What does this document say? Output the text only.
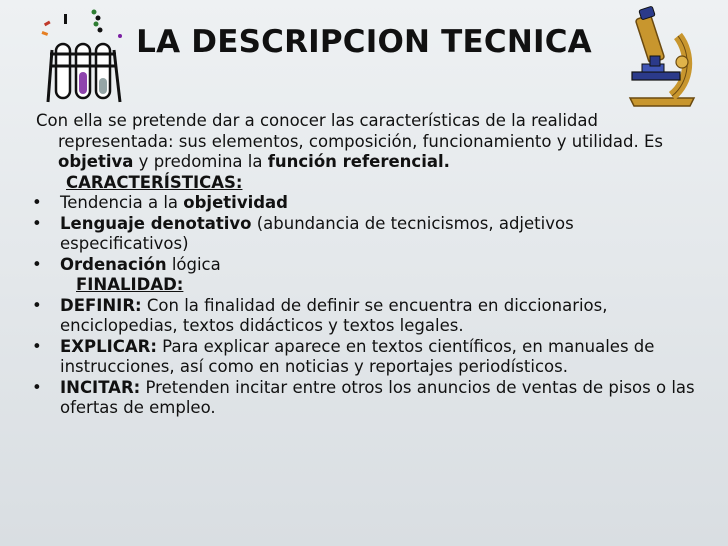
LA DESCRIPCION TECNICA

Con ella se pretende dar a conocer las características de la realidad representada: sus elementos, composición, funcionamiento y utilidad. Es objetiva y predomina la función referencial.

CARACTERÍSTICAS:

• Tendencia a la objetividad
• Lenguaje denotativo (abundancia de tecnicismos, adjetivos especificativos)
• Ordenación lógica

FINALIDAD:

• DEFINIR: Con la finalidad de definir se encuentra en diccionarios, enciclopedias, textos didácticos y textos legales.
• EXPLICAR: Para explicar aparece en textos científicos, en manuales de instrucciones, así como en noticias y reportajes periodísticos.
• INCITAR: Pretenden incitar entre otros los anuncios de ventas de pisos o las ofertas de empleo.
